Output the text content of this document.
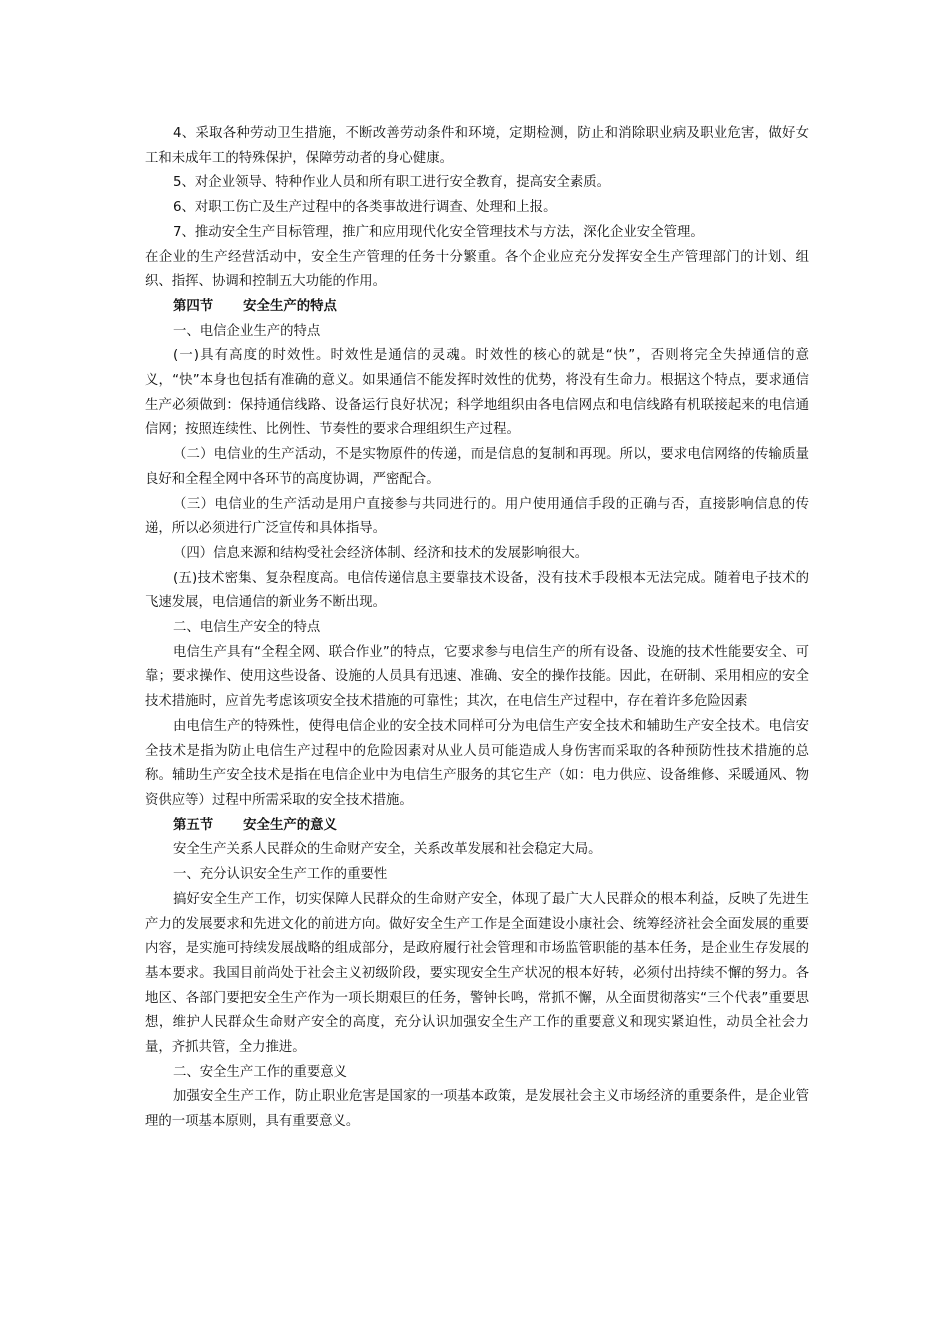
4、采取各种劳动卫生措施，不断改善劳动条件和环境，定期检测，防止和消除职业病及职业危害，做好女工和未成年工的特殊保护，保障劳动者的身心健康。

5、对企业领导、特种作业人员和所有职工进行安全教育，提高安全素质。

6、对职工伤亡及生产过程中的各类事故进行调查、处理和上报。

7、推动安全生产目标管理，推广和应用现代化安全管理技术与方法，深化企业安全管理。

在企业的生产经营活动中，安全生产管理的任务十分繁重。各个企业应充分发挥安全生产管理部门的计划、组织、指挥、协调和控制五大功能的作用。

第四节 安全生产的特点

一、电信企业生产的特点

(一)具有高度的时效性。时效性是通信的灵魂。时效性的核心的就是“快”，否则将完全失掉通信的意义，“快”本身也包括有准确的意义。如果通信不能发挥时效性的优势，将没有生命力。根据这个特点，要求通信生产必须做到：保持通信线路、设备运行良好状况；科学地组织由各电信网点和电信线路有机联接起来的电信通信网；按照连续性、比例性、节奏性的要求合理组织生产过程。

（二）电信业的生产活动，不是实物原件的传递，而是信息的复制和再现。所以，要求电信网络的传输质量良好和全程全网中各环节的高度协调，严密配合。

（三）电信业的生产活动是用户直接参与共同进行的。用户使用通信手段的正确与否，直接影响信息的传递，所以必须进行广泛宣传和具体指导。

（四）信息来源和结构受社会经济体制、经济和技术的发展影响很大。

(五)技术密集、复杂程度高。电信传递信息主要靠技术设备，没有技术手段根本无法完成。随着电子技术的飞速发展，电信通信的新业务不断出现。

二、电信生产安全的特点

电信生产具有“全程全网、联合作业”的特点，它要求参与电信生产的所有设备、设施的技术性能要安全、可靠；要求操作、使用这些设备、设施的人员具有迅速、准确、安全的操作技能。因此，在研制、采用相应的安全技术措施时，应首先考虑该项安全技术措施的可靠性；其次，在电信生产过程中，存在着许多危险因素

由电信生产的特殊性，使得电信企业的安全技术同样可分为电信生产安全技术和辅助生产安全技术。电信安全技术是指为防止电信生产过程中的危险因素对从业人员可能造成人身伤害而采取的各种预防性技术措施的总称。辅助生产安全技术是指在电信企业中为电信生产服务的其它生产（如：电力供应、设备维修、采暖通风、物资供应等）过程中所需采取的安全技术措施。

第五节 安全生产的意义

安全生产关系人民群众的生命财产安全，关系改革发展和社会稳定大局。

一、充分认识安全生产工作的重要性

搞好安全生产工作，切实保障人民群众的生命财产安全，体现了最广大人民群众的根本利益，反映了先进生产力的发展要求和先进文化的前进方向。做好安全生产工作是全面建设小康社会、统筹经济社会全面发展的重要内容，是实施可持续发展战略的组成部分，是政府履行社会管理和市场监管职能的基本任务，是企业生存发展的基本要求。我国目前尚处于社会主义初级阶段，要实现安全生产状况的根本好转，必须付出持续不懈的努力。各地区、各部门要把安全生产作为一项长期艰巨的任务，警钟长鸣，常抓不懈，从全面贯彻落实“三个代表”重要思想，维护人民群众生命财产安全的高度，充分认识加强安全生产工作的重要意义和现实紧迫性，动员全社会力量，齐抓共管，全力推进。

二、安全生产工作的重要意义

加强安全生产工作，防止职业危害是国家的一项基本政策，是发展社会主义市场经济的重要条件，是企业管理的一项基本原则，具有重要意义。
